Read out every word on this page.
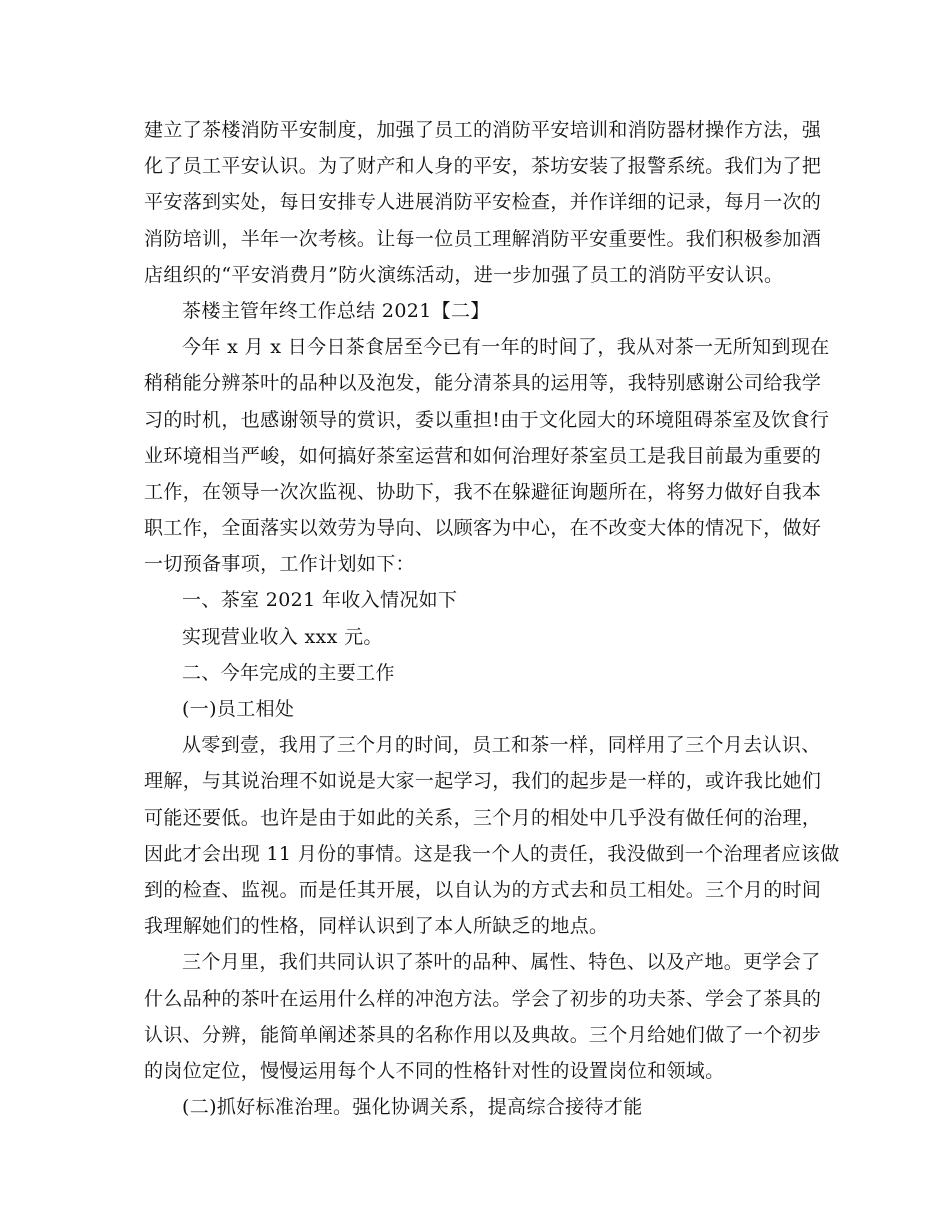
建立了茶楼消防平安制度，加强了员工的消防平安培训和消防器材操作方法，强
化了员工平安认识。为了财产和人身的平安，茶坊安装了报警系统。我们为了把
平安落到实处，每日安排专人进展消防平安检查，并作详细的记录，每月一次的
消防培训，半年一次考核。让每一位员工理解消防平安重要性。我们积极参加酒
店组织的“平安消费月”防火演练活动，进一步加强了员工的消防平安认识。
茶楼主管年终工作总结 2021【二】
今年 x 月 x 日今日茶食居至今已有一年的时间了，我从对茶一无所知到现在
稍稍能分辨茶叶的品种以及泡发，能分清茶具的运用等，我特别感谢公司给我学
习的时机，也感谢领导的赏识，委以重担!由于文化园大的环境阻碍茶室及饮食行
业环境相当严峻，如何搞好茶室运营和如何治理好茶室员工是我目前最为重要的
工作，在领导一次次监视、协助下，我不在躲避征询题所在，将努力做好自我本
职工作，全面落实以效劳为导向、以顾客为中心，在不改变大体的情况下，做好
一切预备事项，工作计划如下：
一、茶室 2021 年收入情况如下
实现营业收入 xxx 元。
二、今年完成的主要工作
(一)员工相处
从零到壹，我用了三个月的时间，员工和茶一样，同样用了三个月去认识、
理解，与其说治理不如说是大家一起学习，我们的起步是一样的，或许我比她们
可能还要低。也许是由于如此的关系，三个月的相处中几乎没有做任何的治理，
因此才会出现 11 月份的事情。这是我一个人的责任，我没做到一个治理者应该做
到的检查、监视。而是任其开展，以自认为的方式去和员工相处。三个月的时间
我理解她们的性格，同样认识到了本人所缺乏的地点。
三个月里，我们共同认识了茶叶的品种、属性、特色、以及产地。更学会了
什么品种的茶叶在运用什么样的冲泡方法。学会了初步的功夫茶、学会了茶具的
认识、分辨，能简单阐述茶具的名称作用以及典故。三个月给她们做了一个初步
的岗位定位，慢慢运用每个人不同的性格针对性的设置岗位和领域。
(二)抓好标准治理。强化协调关系，提高综合接待才能
